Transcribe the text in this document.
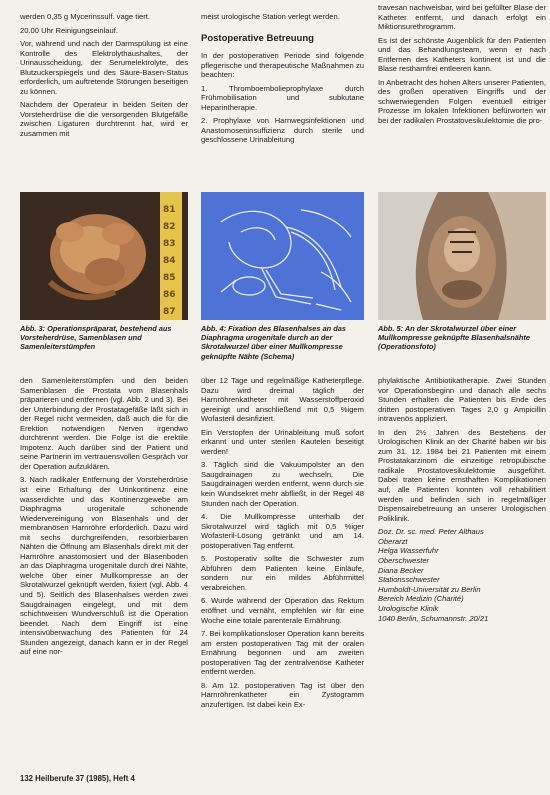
werden 0,35 g Mycerinssulf. vage tiert.

20.00 Uhr Reinigungseinlauf.

Vor, während und nach der Darmspülung ist eine Kontrolle des Elektrolythaushaltes, der Urinausscheidung, der Serumelektrolyte, des Blutzuckerspiegels und des Säure-Basen-Status erforderlich, um auftretende Störungen beseitigen zu können.

Nachdem der Operateur in beiden Seiten der Vorsteherdrüse die die versorgenden Blutgefäße zwischen Ligaturen durchtrennt hat, wird er zusammen mit

meist urologische Station verlegt werden.

Postoperative Betreuung

In der postoperativen Periode sind folgende pflegerische und therapeutische Maßnahmen zu beachten:

1. Thromboembolieprophylaxe durch Frühmobilisation und subkutane Heparintherapie.

2. Prophylaxe von Harnwegsinfektionen und Anastomoseninsuffizienz durch sterile und geschlossene Urinableitung

travesan nachweisbar, wird bei gefüllter Blase der Katheter entfernt, und danach erfolgt ein Miktionsurethrogramm.

Es ist der schönste Augenblick für den Patienten und das Behandlungsteam, wenn er nach Entfernen des Katheters kontinent ist und die Blase restharnfrei entleeren kann.

In Anbetracht des hohen Alters unserer Patienten, des großen operativen Eingriffs und der schwerwiegenden Folgen eventuell eitriger Prozesse im lokalen Infektionen befürworten wir bei der radikalen Prostatovesikulektomie die pro-

81
82
83
84
85
86
87
Abb. 3: Operationspräparat, bestehend aus Vorsteherdrüse, Samenblasen und Samenleiterstümpfen
Abb. 4: Fixation des Blasenhalses an das Diaphragma urogenitale durch an der Skrotalwurzel über einer Mullkompresse geknüpfte Nähte (Schema)
Abb. 5: An der Skrotalwurzel über einer Mullkompresse geknüpfte Blasenhalsnähte (Operationsfoto)

den Samenleiterstümpfen und den beiden Samenblasen die Prostata vom Blasenhals präparieren und entfernen (vgl. Abb. 2 und 3). Bei der Unterbindung der Prostatagefäße läßt sich in der Regel nicht vermeiden, daß auch die für die Erektion notwendigen Nerven irgendwo durchtrennt werden. Die Folge ist die erektile Impotenz. Auch darüber sind der Patient und seine Partnerin im vertrauensvollen Gespräch vor der Operation aufzuklären.

3. Nach radikaler Entfernung der Vorsteherdrüse ist eine Erhaltung der Urinkontinenz eine wasserdichte und das Kontinenzgewebe am Diaphragma urogenitale schonende Wiedervereinigung von Blasenhals und der membranösen Harnröhre erforderlich. Dazu wird mit sechs durchgreifenden, resorbierbaren Nähten die Öffnung am Blasenhals direkt mit der Harnröhre anastomosiert und der Blasenboden an das Diaphragma urogenitale durch drei Nähte, welche über einer Mullkompresse an der Skrotalwurzel geknüpft werden, fixiert (vgl. Abb. 4 und 5). Seitlich des Blasenhalses werden zwei Saugdrainagen eingelegt, und mit dem schichtweisen Wundverschluß ist die Operation beendet. Nach dem Eingriff ist eine intensivüberwachung des Patienten für 24 Stunden angezeigt, danach kann er in der Regel auf eine nor-

über 12 Tage und regelmäßige Katheterpflege. Dazu wird dreimal täglich der Harnröhrenkatheter mit Wasserstoffperoxid gereinigt und anschließend mit 0,5 %igem Wofasteril desinfiziert.

Ein Verstopfen der Urinableitung muß sofort erkannt und unter sterilen Kautelen beseitigt werden!

3. Täglich sind die Vakuumpolster an den Saugdrainagen zu wechseln. Die Saugdrainagen werden entfernt, wenn durch sie kein Wundsekret mehr abfließt, in der Regel 48 Stunden nach der Operation.

4. Die Mullkompresse unterhalb der Skrotalwurzel wird täglich mit 0,5 %iger Wofasteril-Lösung getränkt und am 14. postoperativen Tag entfernt.

5. Postoperativ sollte die Schwester zum Abführen dem Patienten keine Einläufe, sondern nur ein mildes Abführmittel verabreichen.

6. Wurde während der Operation das Rektum eröffnet und vernäht, empfehlen wir für eine Woche eine totale parenterale Ernährung.

7. Bei komplikationsloser Operation kann bereits am ersten postoperativen Tag mit der oralen Ernährung begonnen und am zweiten postoperativen Tag der zentralvenöse Katheter entfernt werden.

8. Am 12. postoperativen Tag ist über den Harnröhrenkatheter ein Zystogramm anzufertigen. Ist dabei kein Ex-

phylaktische Antibiotikatherapie. Zwei Stunden vor Operationsbeginn und danach alle sechs Stunden erhalten die Patienten bis Ende des dritten postoperativen Tages 2,0 g Ampicillin intravenös appliziert.

In den 2½ Jahren des Bestehens der Urologischen Klinik an der Charité haben wir bis zum 31. 12. 1984 bei 21 Patienten mit einem Prostatakarzinom die einzeitige retropubische radikale Prostatovesikulektomie ausgeführt. Dabei traten keine ernsthaften Komplikationen auf, alle Patienten konnten voll rehabilitiert werden und befinden sich in regelmäßiger Dispensairebetreuung an unserer Urologischen Poliklinik.

Doz. Dr. sc. med. Peter Althaus
Oberarzt
Helga Wasserfuhr
Oberschwester
Diana Becker
Stationsschwester
Humboldt-Universität zu Berlin
Bereich Medizin (Charité)
Urologische Klinik
1040 Berlin, Schumannstr. 20/21
132 Heilberufe 37 (1985), Heft 4
